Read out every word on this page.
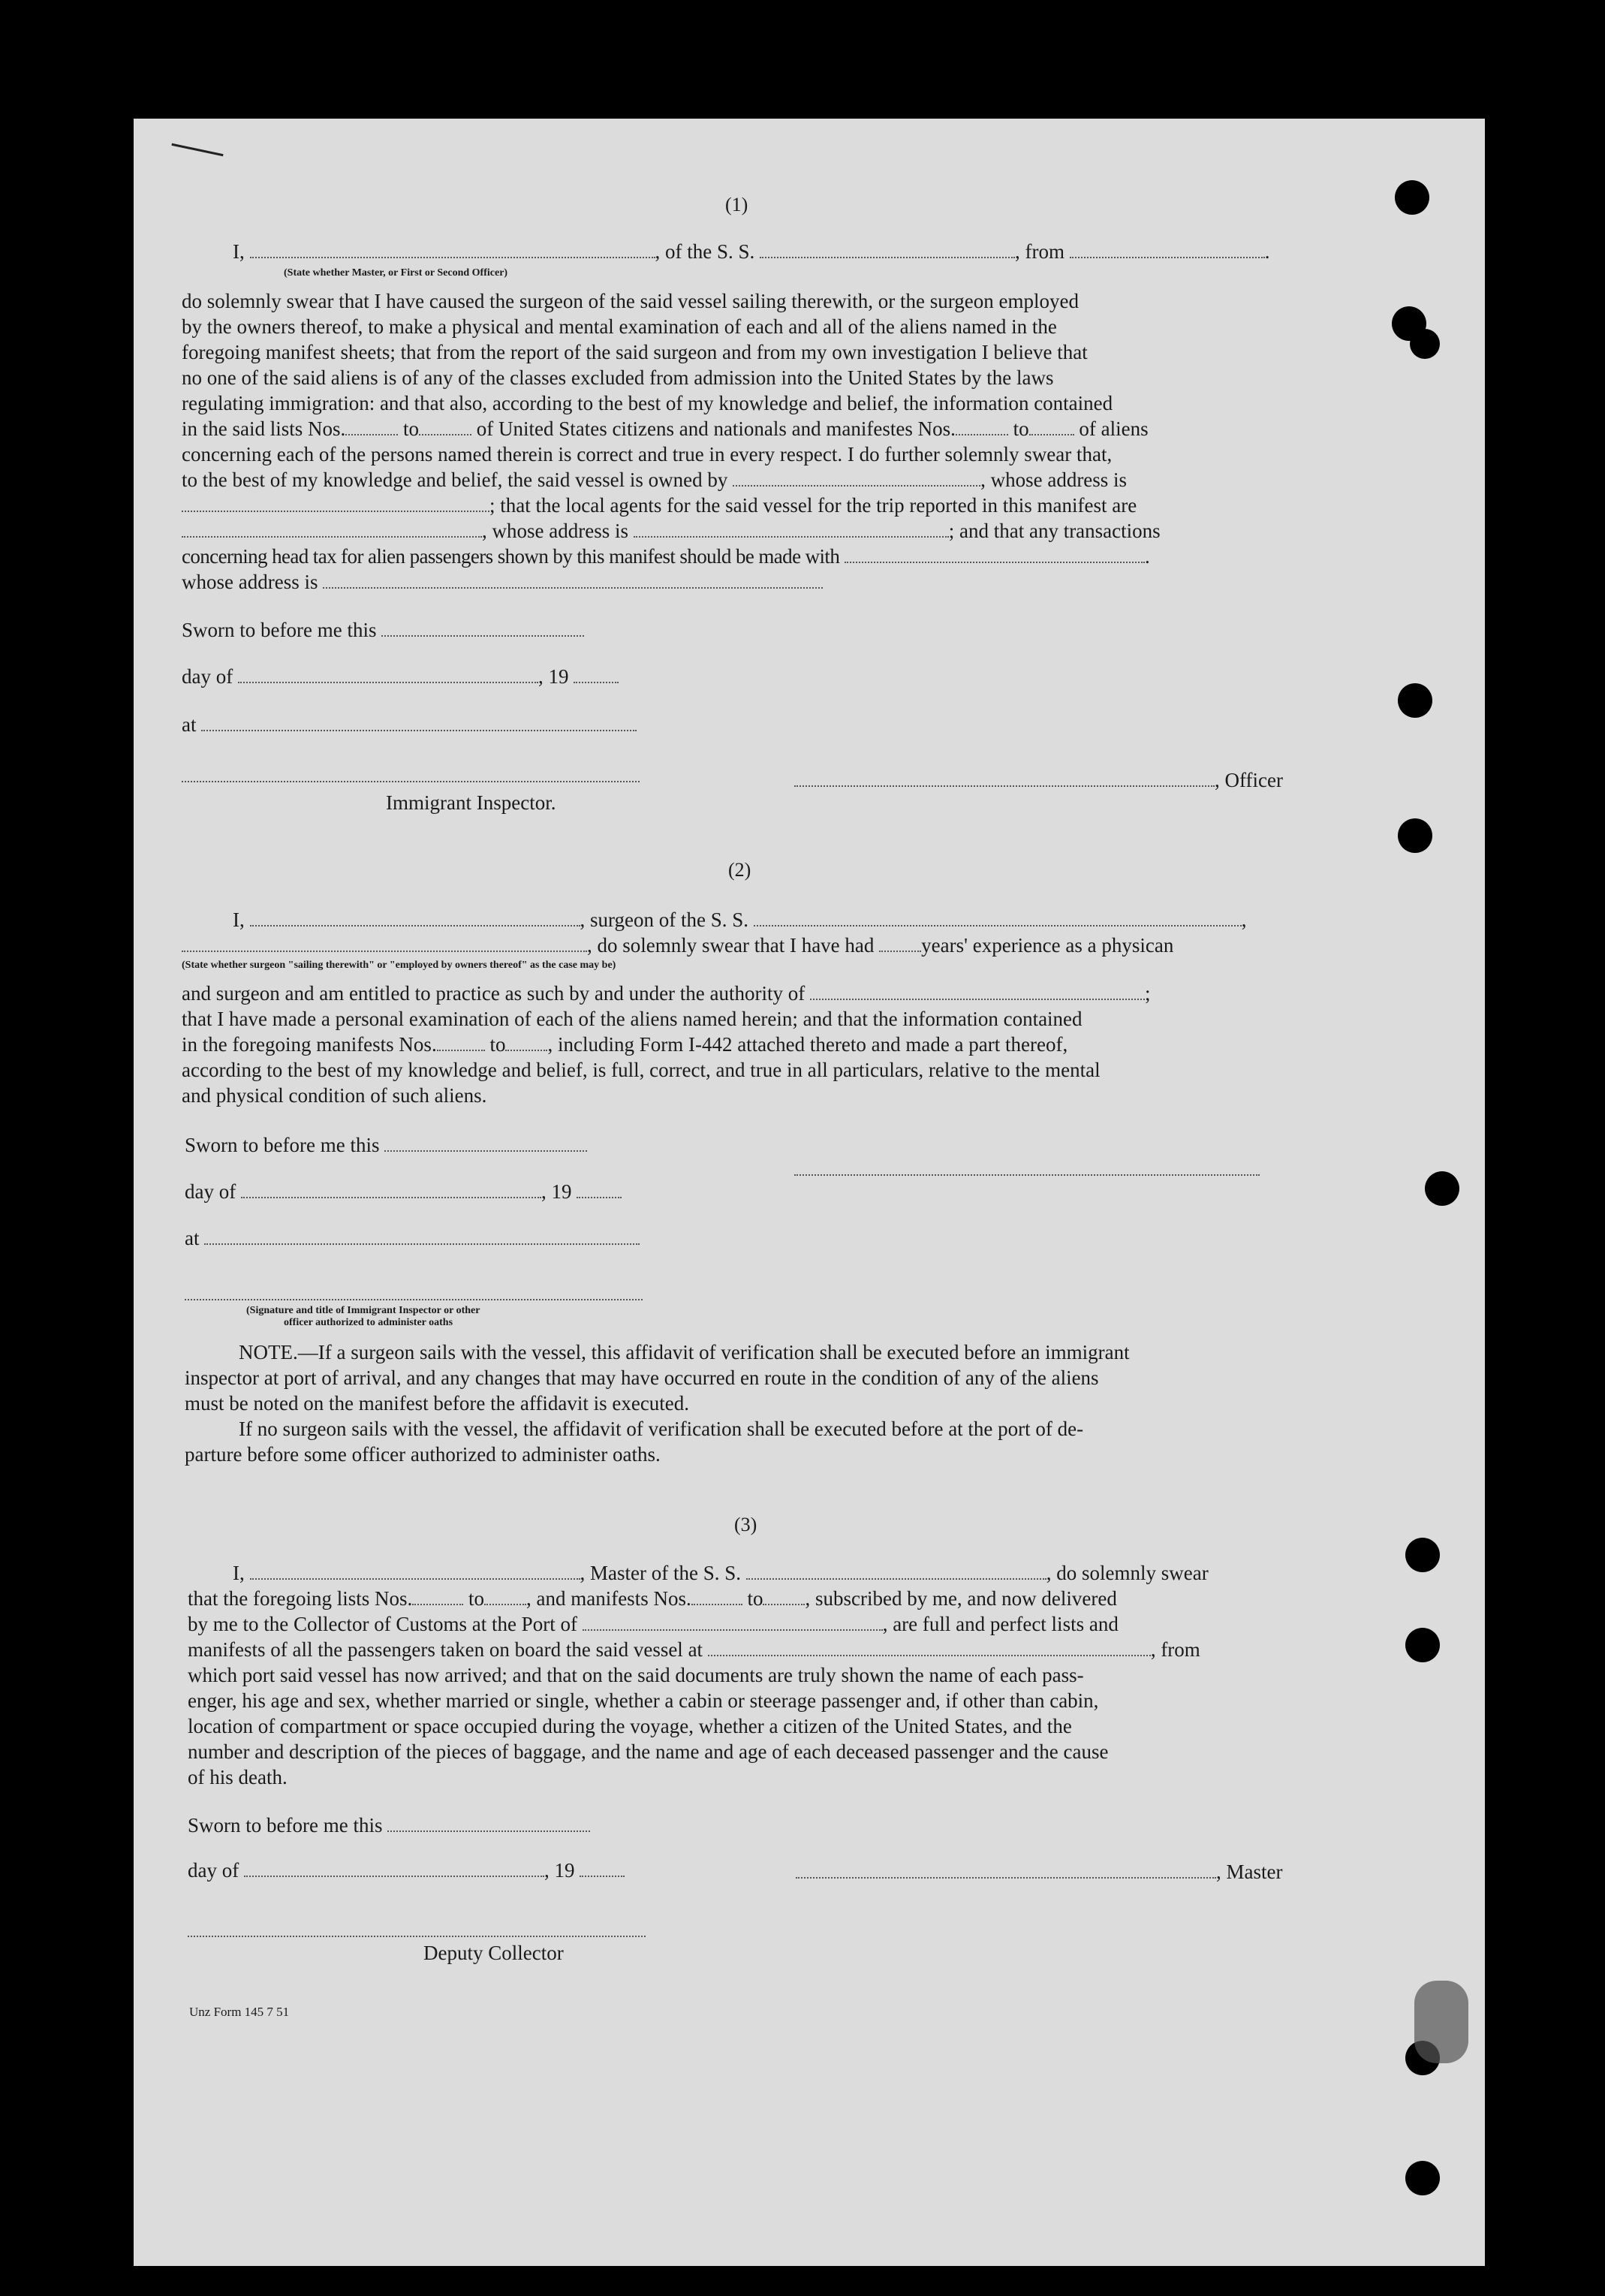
(1)
I,	, of the S. S.	, from	.
(State whether Master, or First or Second Officer)
do solemnly swear that I have caused the surgeon of the said vessel sailing therewith, or the surgeon employed
by the owners thereof, to make a physical and mental examination of each and all of the aliens named in the
foregoing manifest sheets; that from the report of the said surgeon and from my own investigation I believe that
no one of the said aliens is of any of the classes excluded from admission into the United States by the laws
regulating immigration: and that also, according to the best of my knowledge and belief, the information contained
in the said lists Nos.	to	of United States citizens and nationals and manifestes Nos.	to of aliens
concerning each of the persons named therein is correct and true in every respect. I do further solemnly swear that,
to the best of my knowledge and belief, the said vessel is owned by	, whose address is
; that the local agents for the said vessel for the trip reported in this manifest are
, whose address is	; and that any transactions
concerning head tax for alien passengers shown by this manifest should be made with	.
whose address is
Sworn to before me this
day of	, 19
at
, Officer
Immigrant Inspector.
(2)
I,	, surgeon of the S. S.	,
, do solemnly swear that I have had years' experience as a physican
(State whether surgeon "sailing therewith" or "employed by owners thereof" as the case may be)
and surgeon and am entitled to practice as such by and under the authority of	;
that I have made a personal examination of each of the aliens named herein; and that the information contained
in the foregoing manifests Nos.	to , including Form I-442 attached thereto and made a part thereof,
according to the best of my knowledge and belief, is full, correct, and true in all particulars, relative to the mental
and physical condition of such aliens.
Sworn to before me this
day of	, 19
at
(Signature and title of Immigrant Inspector or other
officer authorized to administer oaths
NOTE.—If a surgeon sails with the vessel, this affidavit of verification shall be executed before an immigrant
inspector at port of arrival, and any changes that may have occurred en route in the condition of any of the aliens
must be noted on the manifest before the affidavit is executed.
If no surgeon sails with the vessel, the affidavit of verification shall be executed before at the port of de-
parture before some officer authorized to administer oaths.
(3)
I,	, Master of the S. S.	, do solemnly swear
that the foregoing lists Nos.	to , and manifests Nos.	to , subscribed by me, and now delivered
by me to the Collector of Customs at the Port of	, are full and perfect lists and
manifests of all the passengers taken on board the said vessel at	, from
which port said vessel has now arrived; and that on the said documents are truly shown the name of each pass-
enger, his age and sex, whether married or single, whether a cabin or steerage passenger and, if other than cabin,
location of compartment or space occupied during the voyage, whether a citizen of the United States, and the
number and description of the pieces of baggage, and the name and age of each deceased passenger and the cause
of his death.
Sworn to before me this
day of	, 19	, Master
Deputy Collector
Unz Form 145 7 51
